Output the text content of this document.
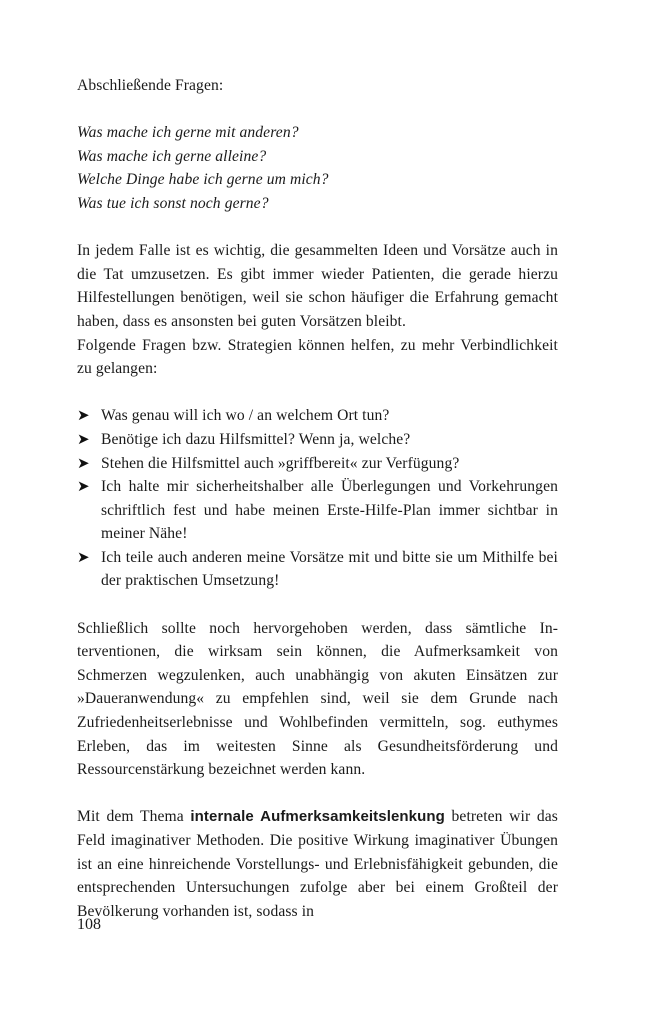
Abschließende Fragen:
Was mache ich gerne mit anderen?
Was mache ich gerne alleine?
Welche Dinge habe ich gerne um mich?
Was tue ich sonst noch gerne?

In jedem Falle ist es wichtig, die gesammelten Ideen und Vorsätze auch in die Tat umzusetzen. Es gibt immer wieder Patienten, die gerade hierzu Hilfestellungen benötigen, weil sie schon häufiger die Erfahrung gemacht haben, dass es ansonsten bei guten Vorsätzen bleibt.

Folgende Fragen bzw. Strategien können helfen, zu mehr Verbindlichkeit zu gelangen:

➤ Was genau will ich wo / an welchem Ort tun?
➤ Benötige ich dazu Hilfsmittel? Wenn ja, welche?
➤ Stehen die Hilfsmittel auch »griffbereit« zur Verfügung?
➤ Ich halte mir sicherheitshalber alle Überlegungen und Vorkehrungen schriftlich fest und habe meinen Erste-Hilfe-Plan immer sichtbar in meiner Nähe!
➤ Ich teile auch anderen meine Vorsätze mit und bitte sie um Mithilfe bei der praktischen Umsetzung!

Schließlich sollte noch hervorgehoben werden, dass sämtliche Interventionen, die wirksam sein können, die Aufmerksamkeit von Schmerzen wegzulenken, auch unabhängig von akuten Einsätzen zur »Daueranwendung« zu empfehlen sind, weil sie dem Grunde nach Zufriedenheitserlebnisse und Wohlbefinden vermitteln, sog. euthymes Erleben, das im weitesten Sinne als Gesundheitsförderung und Ressourcenstärkung bezeichnet werden kann.

Mit dem Thema internale Aufmerksamkeitslenkung betreten wir das Feld imaginativer Methoden. Die positive Wirkung imaginativer Übungen ist an eine hinreichende Vorstellungs- und Erlebnisfähigkeit gebunden, die entsprechenden Untersuchungen zufolge aber bei einem Großteil der Bevölkerung vorhanden ist, sodass in

108
